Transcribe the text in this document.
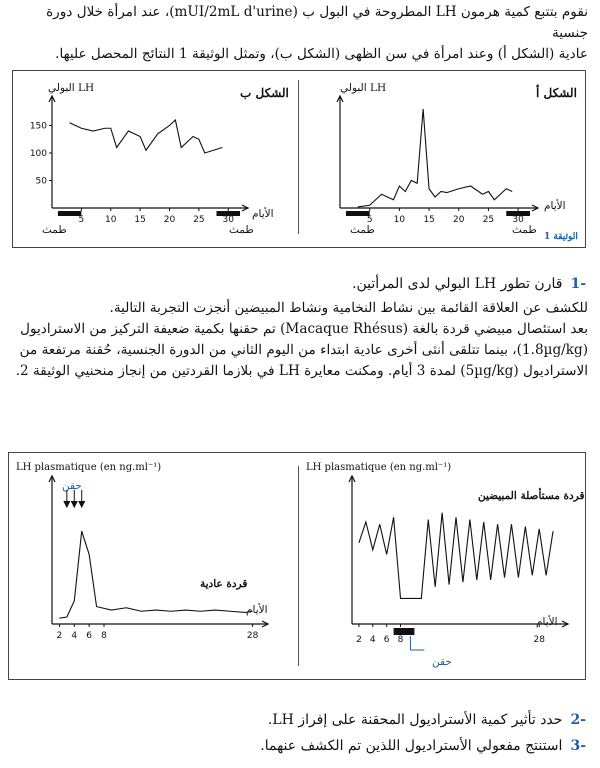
نقوم بتتبع كمية هرمون LH المطروحة في البول ب (mUI/2mL d'urine)، عند امرأة خلال دورة جنسية
عادية (الشكل أ) وعند امرأة في سن الظهى (الشكل ب)، وتمثل الوثيقة 1 النتائج المحصل عليها.

الشكل أ
LH البولي
الأيام
طمث	طمث
الوثيقة 1
الشكل ب
LH البولي
الأيام
طمث	طمث
-1قارن تطور LH البولي لدى المرأتين.

للكشف عن العلاقة القائمة بين نشاط النخامية ونشاط المبيضين أنجزت التجربة التالية.
بعد استئصال مبيضي قردة بالغة (Macaque Rhésus) تم حقنها بكمية ضعيفة التركيز من الاستراديول
(1.8µg/kg)، بينما تتلقى أنثى أخرى عادية ابتداء من اليوم الثاني من الدورة الجنسية، حُقنة مرتفعة من
الاستراديول (5µg/kg) لمدة 3 أيام. ومكنت معايرة LH في بلازما القردتين من إنجاز منحنيي الوثيقة 2.

LH plasmatique (en ng.ml⁻¹)
حقن
قردة عادية
الأيام
LH plasmatique (en ng.ml⁻¹)
قردة مستأصلة المبيضين
حقن
الأيام
-2حدد تأثير كمية الأستراديول المحقنة على إفراز LH.
-3استنتج مفعولي الأستراديول اللذين تم الكشف عنهما.
5 10 15 20 25 30
5 10 15 20 25 30
50
100
150
2 4 6 8	28	2 4 6 8	28
